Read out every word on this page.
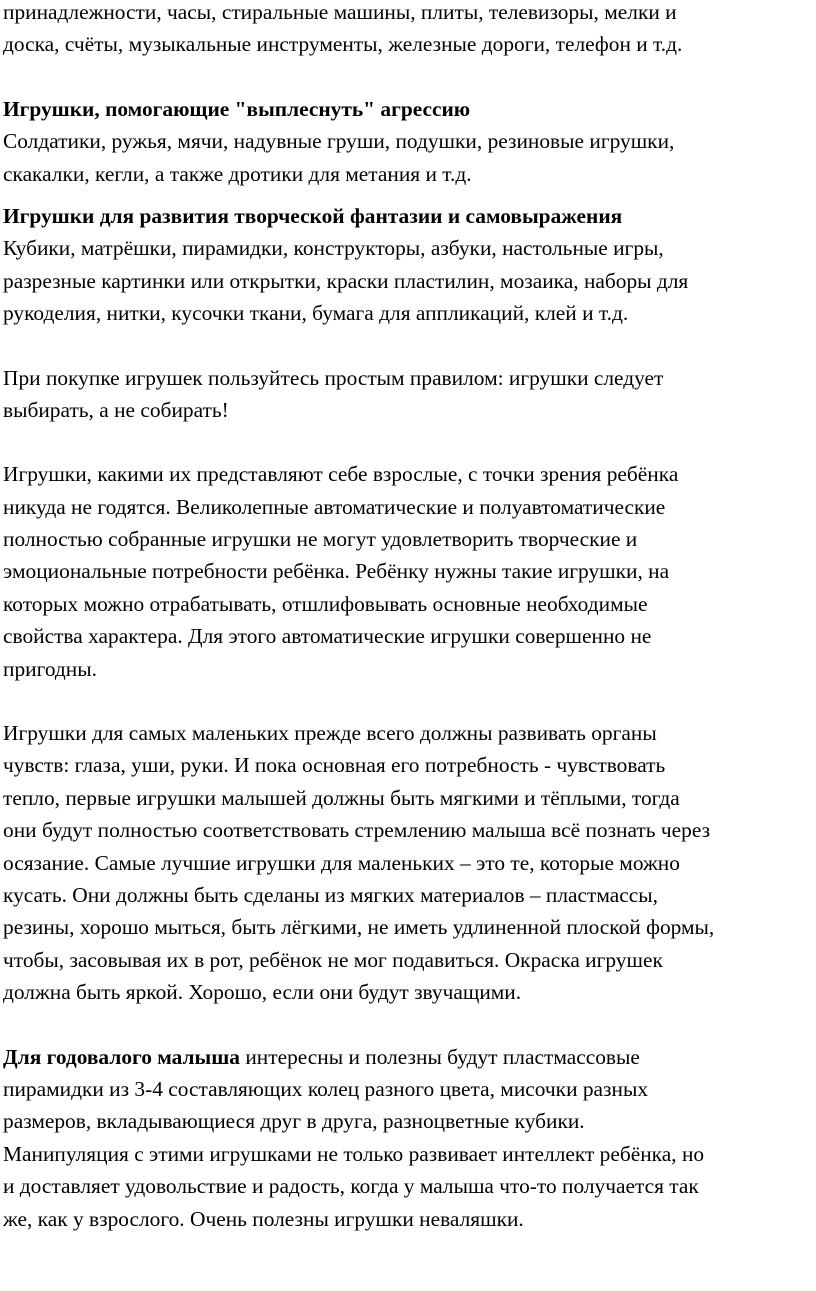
принадлежности, часы, стиральные машины, плиты, телевизоры, мелки и
доска, счёты, музыкальные инструменты, железные дороги, телефон и т.д.
Игрушки, помогающие "выплеснуть" агрессию
Солдатики, ружья, мячи, надувные груши, подушки, резиновые игрушки,
скакалки, кегли, а также дротики для метания и т.д.
Игрушки для развития творческой фантазии и самовыражения
Кубики, матрёшки, пирамидки, конструкторы, азбуки, настольные игры,
разрезные картинки или открытки, краски пластилин, мозаика, наборы для
рукоделия, нитки, кусочки ткани, бумага для аппликаций, клей и т.д.
При покупке игрушек пользуйтесь простым правилом: игрушки следует
выбирать, а не собирать!
Игрушки, какими их представляют себе взрослые, с точки зрения ребёнка
никуда не годятся. Великолепные автоматические и полуавтоматические
полностью собранные игрушки не могут удовлетворить творческие и
эмоциональные потребности ребёнка. Ребёнку нужны такие игрушки, на
которых можно отрабатывать, отшлифовывать основные необходимые
свойства характера. Для этого автоматические игрушки совершенно не
пригодны.
Игрушки для самых маленьких прежде всего должны развивать органы
чувств: глаза, уши, руки. И пока основная его потребность - чувствовать
тепло, первые игрушки малышей должны быть мягкими и тёплыми, тогда
они будут полностью соответствовать стремлению малыша всё познать через
осязание. Самые лучшие игрушки для маленьких – это те, которые можно
кусать. Они должны быть сделаны из мягких материалов – пластмассы,
резины, хорошо мыться, быть лёгкими, не иметь удлиненной плоской формы,
чтобы, засовывая их в рот, ребёнок не мог подавиться. Окраска игрушек
должна быть яркой. Хорошо, если они будут звучащими.
Для годовалого малыша интересны и полезны будут пластмассовые
пирамидки из 3-4 составляющих колец разного цвета, мисочки разных
размеров, вкладывающиеся друг в друга, разноцветные кубики.
Манипуляция с этими игрушками не только развивает интеллект ребёнка, но
и доставляет удовольствие и радость, когда у малыша что-то получается так
же, как у взрослого. Очень полезны игрушки неваляшки.
